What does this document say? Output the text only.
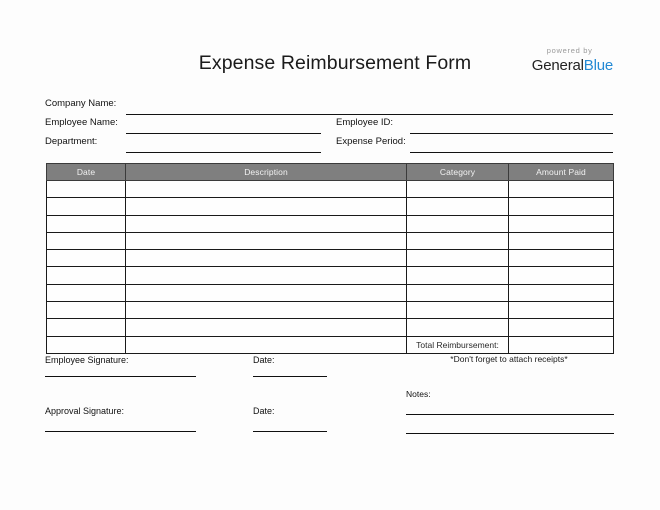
Expense Reimbursement Form
powered by
GeneralBlue
Company Name:
Employee Name:	Employee ID:
Department:	Expense Period:
Date	Description	Category	Amount Paid

		Total Reimbursement:	
*Don't forget to attach receipts*
Employee Signature:	Date:
Approval Signature:	Date:
Notes:
